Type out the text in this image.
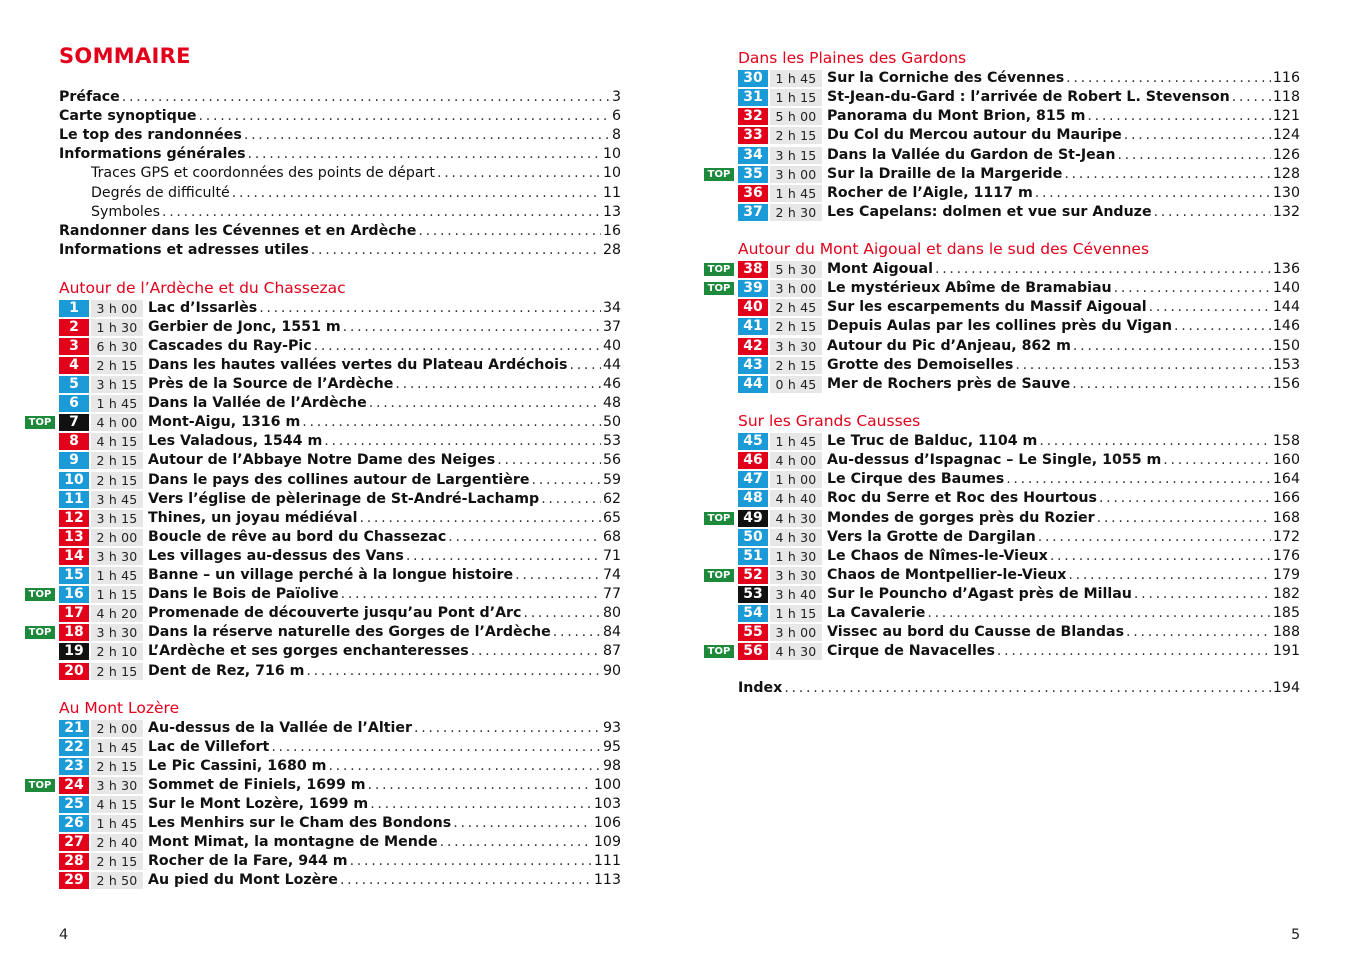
SOMMAIRE
Préface . . .	3
Carte synoptique . . .	6
Le top des randonnées . . .	8
Informations générales . . .	10
Traces GPS et coordonnées des points de départ . . .	10
Degrés de difficulté . . .	11
Symboles . . .	13
Randonner dans les Cévennes et en Ardèche . . .	16
Informations et adresses utiles . . .	28
Autour de l’Ardèche et du Chassezac
1	3 h 00 Lac d’Issarlès . . .	34
2	1 h 30 Gerbier de Jonc, 1551 m . . .	37
3	6 h 30 Cascades du Ray-Pic . . .	40
4	2 h 15 Dans les hautes vallées vertes du Plateau Ardéchois . . . 44
5	3 h 15 Près de la Source de l’Ardèche . . .	46
6	1 h 45 Dans la Vallée de l’Ardèche . . .	48
TOP	7	4 h 00 Mont-Aigu, 1316 m . . .	50
8	4 h 15 Les Valadous, 1544 m . . .	53
9	2 h 15 Autour de l’Abbaye Notre Dame des Neiges . . .	56
10	2 h 15 Dans le pays des collines autour de Largentière . . .	59
11	3 h 45 Vers l’église de pèlerinage de St-André-Lachamp . . .	62
12	3 h 15 Thines, un joyau médiéval . . .	65
13	2 h 00 Boucle de rêve au bord du Chassezac . . .	68
14	3 h 30 Les villages au-dessus des Vans . . .	71
15	1 h 45 Banne – un village perché à la longue histoire . . .	74
TOP 16	1 h 15 Dans le Bois de Païolive . . .	77
17	4 h 20 Promenade de découverte jusqu’au Pont d’Arc . . .	80
TOP 18	3 h 30 Dans la réserve naturelle des Gorges de l’Ardèche . . .	84
19	2 h 10 L’Ardèche et ses gorges enchanteresses . . .	87
20	2 h 15 Dent de Rez, 716 m . . .	90
Au Mont Lozère
21	2 h 00 Au-dessus de la Vallée de l’Altier . . .	93
22	1 h 45 Lac de Villefort . . .	95
23	2 h 15 Le Pic Cassini, 1680 m . . .	98
TOP 24	3 h 30 Sommet de Finiels, 1699 m . . .	100
25	4 h 15 Sur le Mont Lozère, 1699 m . . .	103
26	1 h 45 Les Menhirs sur le Cham des Bondons . . .	106
27	2 h 40 Mont Mimat, la montagne de Mende . . .	109
28	2 h 15 Rocher de la Fare, 944 m . . .	111
29	2 h 50 Au pied du Mont Lozère . . .	113
Dans les Plaines des Gardons
30	1 h 45 Sur la Corniche des Cévennes . . .	116
31	1 h 15 St-Jean-du-Gard : l’arrivée de Robert L. Stevenson . . .	118
32	5 h 00 Panorama du Mont Brion, 815 m . . .	121
33	2 h 15 Du Col du Mercou autour du Mauripe . . .	124
34	3 h 15 Dans la Vallée du Gardon de St-Jean . . .	126
TOP 35	3 h 00 Sur la Draille de la Margeride . . .	128
36	1 h 45 Rocher de l’Aigle, 1117 m . . .	130
37	2 h 30 Les Capelans: dolmen et vue sur Anduze . . .	132
Autour du Mont Aigoual et dans le sud des Cévennes
TOP 38	5 h 30 Mont Aigoual . . .	136
TOP 39	3 h 00 Le mystérieux Abîme de Bramabiau . . .	140
40	2 h 45 Sur les escarpements du Massif Aigoual . . .	144
41	2 h 15 Depuis Aulas par les collines près du Vigan . . .	146
42	3 h 30 Autour du Pic d’Anjeau, 862 m . . .	150
43	2 h 15 Grotte des Demoiselles . . .	153
44	0 h 45 Mer de Rochers près de Sauve . . .	156
Sur les Grands Causses
45	1 h 45 Le Truc de Balduc, 1104 m . . .	158
46	4 h 00 Au-dessus d’Ispagnac – Le Single, 1055 m . . .	160
47	1 h 00 Le Cirque des Baumes . . .	164
48	4 h 40 Roc du Serre et Roc des Hourtous . . .	166
TOP 49	4 h 30 Mondes de gorges près du Rozier . . .	168
50	4 h 30 Vers la Grotte de Dargilan . . .	172
51	1 h 30 Le Chaos de Nîmes-le-Vieux . . .	176
TOP 52	3 h 30 Chaos de Montpellier-le-Vieux . . .	179
53	3 h 40 Sur le Pouncho d’Agast près de Millau . . .	182
54	1 h 15 La Cavalerie . . .	185
55	3 h 00 Vissec au bord du Causse de Blandas . . .	188
TOP 56	4 h 30 Cirque de Navacelles . . .	191
Index . . .	194
4	5
